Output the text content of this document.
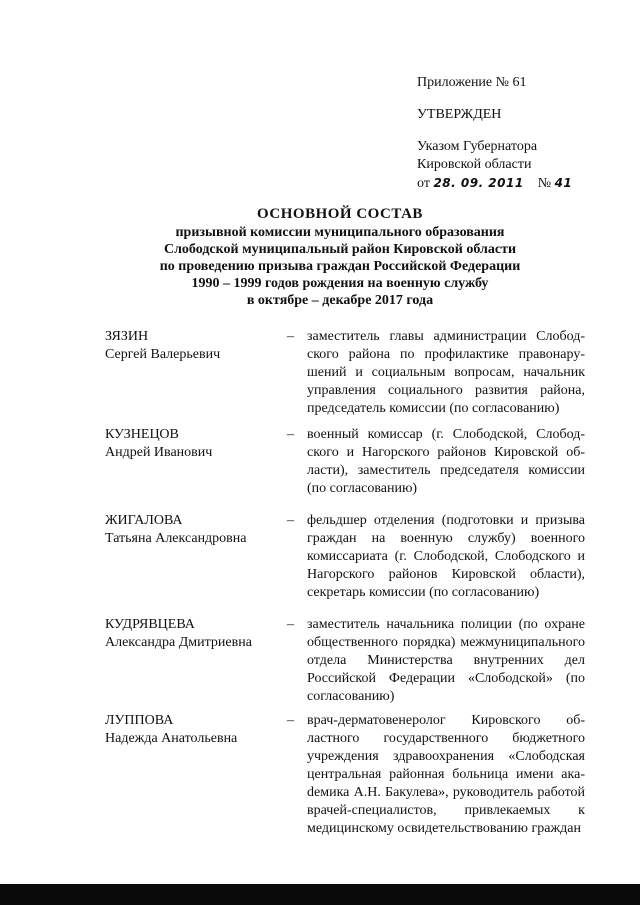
Приложение № 61
УТВЕРЖДЕН
Указом Губернатора
Кировской области
от 28. 09. 2011 № 41
ОСНОВНОЙ СОСТАВ
призывной комиссии муниципального образования
Слободской муниципальный район Кировской области
по проведению призыва граждан Российской Федерации
1990 – 1999 годов рождения на военную службу
в октябре – декабре 2017 года
ЗЯЗИН
Сергей Валерьевич
– заместитель главы администрации Слободского района по профилактике правонарушений и социальным вопросам, начальник управления социального развития района, председатель комиссии (по согласованию)
КУЗНЕЦОВ
Андрей Иванович
– военный комиссар (г. Слободской, Слободского и Нагорского районов Кировской области), заместитель председателя комиссии (по согласованию)
ЖИГАЛОВА
Татьяна Александровна
– фельдшер отделения (подготовки и призыва граждан на военную службу) военного комиссариата (г. Слободской, Слободского и Нагорского районов Кировской области), секретарь комиссии (по согласованию)
КУДРЯВЦЕВА
Александра Дмитриевна
– заместитель начальника полиции (по охране общественного порядка) межмуниципального отдела Министерства внутренних дел Российской Федерации «Слободской» (по согласованию)
ЛУППОВА
Надежда Анатольевна
– врач-дерматовенеролог Кировского областного государственного бюджетного учреждения здравоохранения «Слободская центральная районная больница имени акаdемика А.Н. Бакулева», руководитель работой врачей-специалистов, привлекаемых к медицинскому освидетельствованию граждан
